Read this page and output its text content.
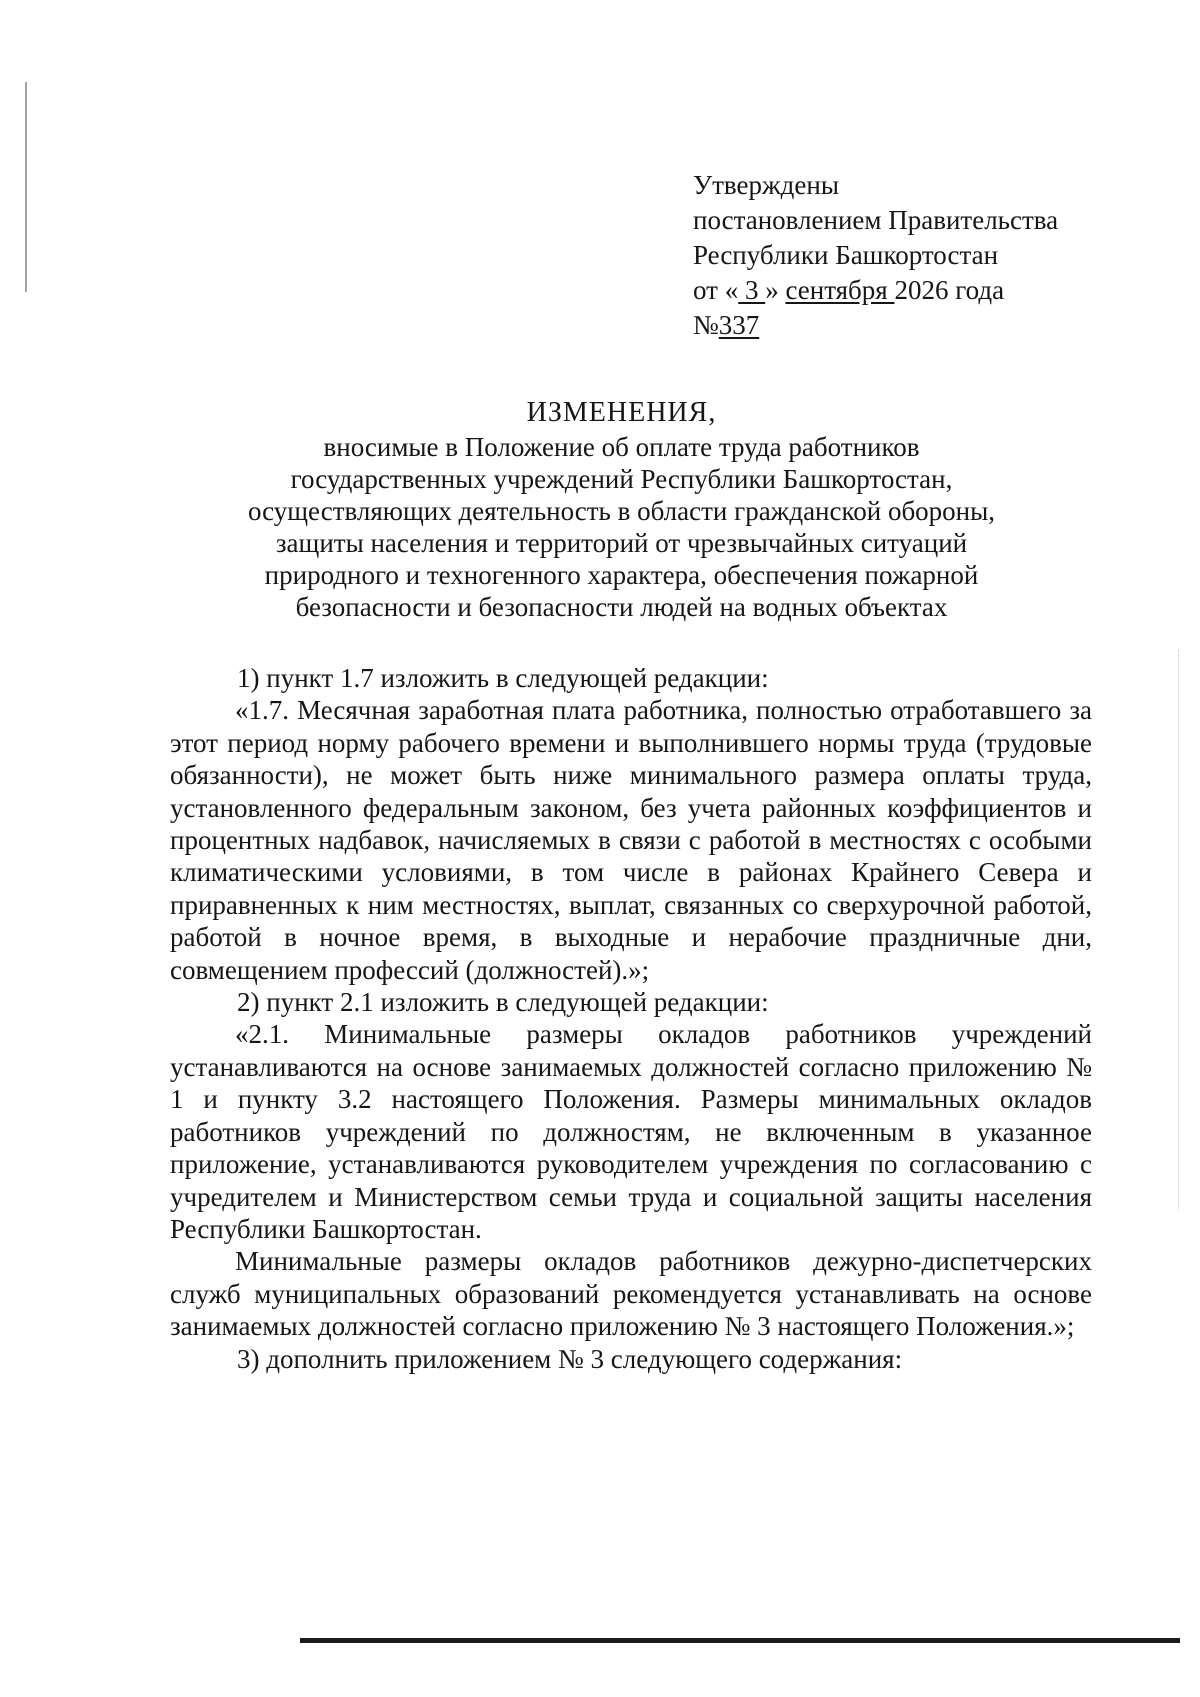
Утверждены
постановлением Правительства
Республики Башкортостан
от « 3 » сентября 2026 года
№337
ИЗМЕНЕНИЯ,
вносимые в Положение об оплате труда работников
государственных учреждений Республики Башкортостан,
осуществляющих деятельность в области гражданской обороны,
защиты населения и территорий от чрезвычайных ситуаций
природного и техногенного характера, обеспечения пожарной
безопасности и безопасности людей на водных объектах

1) пункт 1.7 изложить в следующей редакции:

«1.7. Месячная заработная плата работника, полностью отработавшего за этот период норму рабочего времени и выполнившего нормы труда (трудовые обязанности), не может быть ниже минимального размера оплаты труда, установленного федеральным законом, без учета районных коэффициентов и процентных надбавок, начисляемых в связи с работой в местностях с особыми климатическими условиями, в том числе в районах Крайнего Севера и приравненных к ним местностях, выплат, связанных со сверхурочной работой, работой в ночное время, в выходные и нерабочие праздничные дни, совмещением профессий (должностей).»;

2) пункт 2.1 изложить в следующей редакции:

«2.1. Минимальные размеры окладов работников учреждений устанавливаются на основе занимаемых должностей согласно приложению № 1 и пункту 3.2 настоящего Положения. Размеры минимальных окладов работников учреждений по должностям, не включенным в указанное приложение, устанавливаются руководителем учреждения по согласованию с учредителем и Министерством семьи труда и социальной защиты населения Республики Башкортостан.

Минимальные размеры окладов работников дежурно-диспетчерских служб муниципальных образований рекомендуется устанавливать на основе занимаемых должностей согласно приложению № 3 настоящего Положения.»;

3) дополнить приложением № 3 следующего содержания:
